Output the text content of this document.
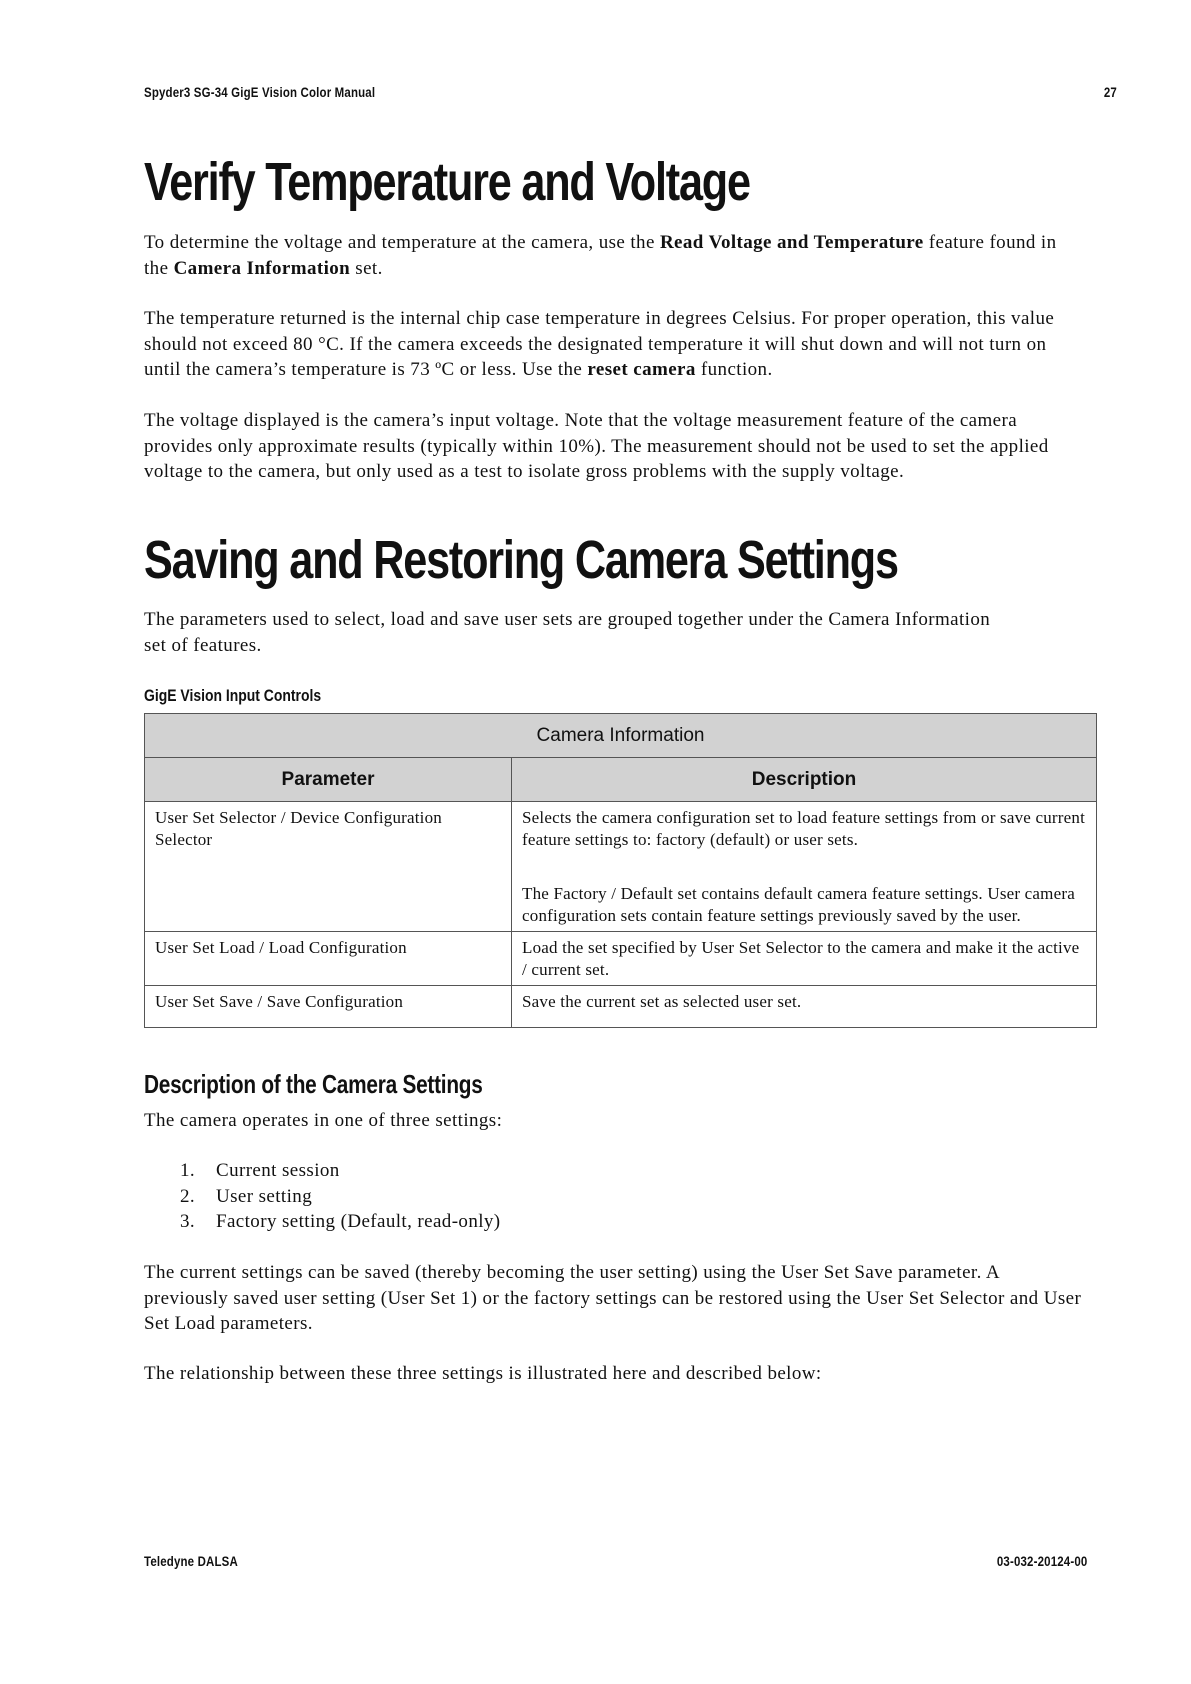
Spyder3 SG-34 GigE Vision Color Manual	27
Verify Temperature and Voltage

To determine the voltage and temperature at the camera, use the Read Voltage and Temperature feature found in the Camera Information set.

The temperature returned is the internal chip case temperature in degrees Celsius. For proper operation, this value should not exceed 80 °C. If the camera exceeds the designated temperature it will shut down and will not turn on until the camera’s temperature is 73 ºC or less. Use the reset camera function.

The voltage displayed is the camera’s input voltage. Note that the voltage measurement feature of the camera provides only approximate results (typically within 10%). The measurement should not be used to set the applied voltage to the camera, but only used as a test to isolate gross problems with the supply voltage.

Saving and Restoring Camera Settings

The parameters used to select, load and save user sets are grouped together under the Camera Information set of features.

GigE Vision Input Controls
Camera Information	
Parameter	Description
User Set Selector / Device Configuration Selector	Selects the camera configuration set to load feature settings from or save current feature settings to: factory (default) or user sets.

The Factory / Default set contains default camera feature settings. User camera configuration sets contain feature settings previously saved by the user.

User Set Load / Load Configuration	Load the set specified by User Set Selector to the camera and make it the active / current set.
User Set Save / Save Configuration	Save the current set as selected user set.
Description of the Camera Settings

The camera operates in one of three settings:

1. Current session
2. User setting
3. Factory setting (Default, read-only)

The current settings can be saved (thereby becoming the user setting) using the User Set Save parameter. A previously saved user setting (User Set 1) or the factory settings can be restored using the User Set Selector and User Set Load parameters.

The relationship between these three settings is illustrated here and described below:

Teledyne DALSA	03-032-20124-00
